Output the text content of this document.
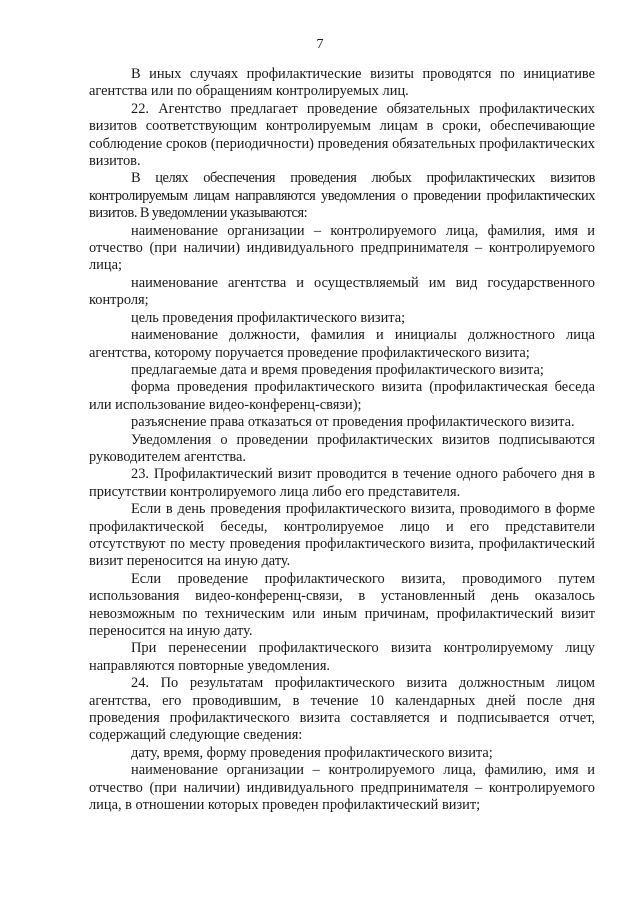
7

В иных случаях профилактические визиты проводятся по инициативе агентства или по обращениям контролируемых лиц.

22. Агентство предлагает проведение обязательных профилактических визитов соответствующим контролируемым лицам в сроки, обеспечивающие соблюдение сроков (периодичности) проведения обязательных профилактических визитов.

В целях обеспечения проведения любых профилактических визитов контролируемым лицам направляются уведомления о проведении профилактических визитов. В уведомлении указываются:

наименование организации – контролируемого лица, фамилия, имя и отчество (при наличии) индивидуального предпринимателя – контролируемого лица;

наименование агентства и осуществляемый им вид государственного контроля;

цель проведения профилактического визита;

наименование должности, фамилия и инициалы должностного лица агентства, которому поручается проведение профилактического визита;

предлагаемые дата и время проведения профилактического визита;

форма проведения профилактического визита (профилактическая беседа или использование видео-конференц-связи);

разъяснение права отказаться от проведения профилактического визита.

Уведомления о проведении профилактических визитов подписываются руководителем агентства.

23. Профилактический визит проводится в течение одного рабочего дня в присутствии контролируемого лица либо его представителя.

Если в день проведения профилактического визита, проводимого в форме профилактической беседы, контролируемое лицо и его представители отсутствуют по месту проведения профилактического визита, профилактический визит переносится на иную дату.

Если проведение профилактического визита, проводимого путем использования видео-конференц-связи, в установленный день оказалось невозможным по техническим или иным причинам, профилактический визит переносится на иную дату.

При перенесении профилактического визита контролируемому лицу направляются повторные уведомления.

24. По результатам профилактического визита должностным лицом агентства, его проводившим, в течение 10 календарных дней после дня проведения профилактического визита составляется и подписывается отчет, содержащий следующие сведения:

дату, время, форму проведения профилактического визита;

наименование организации – контролируемого лица, фамилию, имя и отчество (при наличии) индивидуального предпринимателя – контролируемого лица, в отношении которых проведен профилактический визит;
